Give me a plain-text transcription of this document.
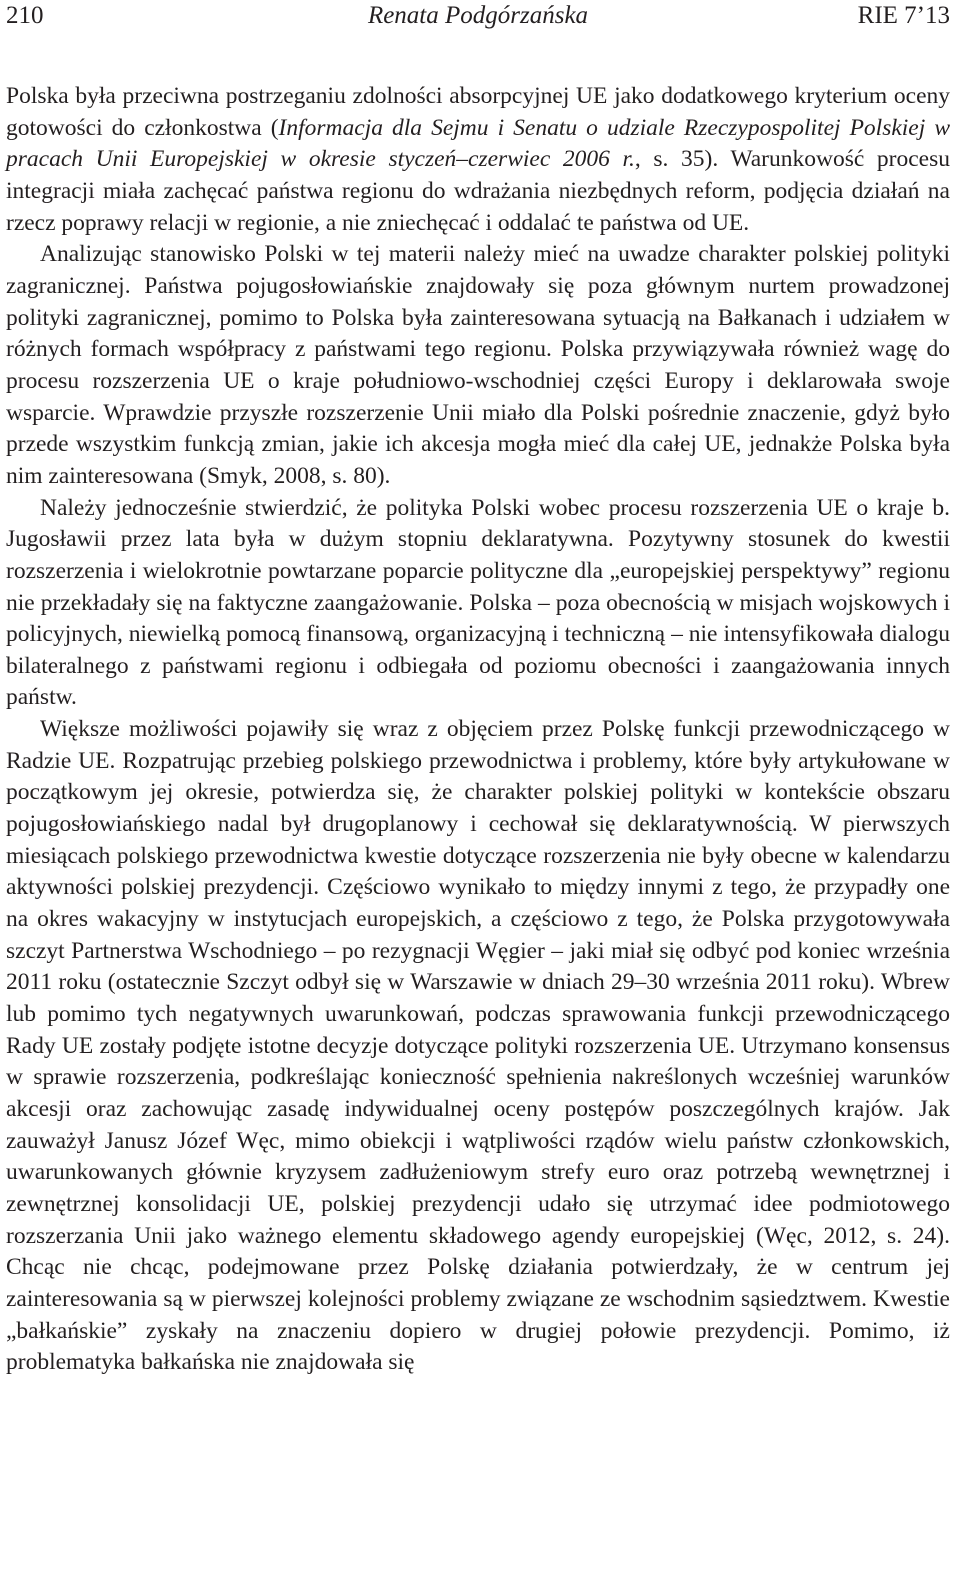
210	Renata Podgórzańska	RIE 7’13

Polska była przeciwna postrzeganiu zdolności absorpcyjnej UE jako dodatkowego kryterium oceny gotowości do członkostwa (Informacja dla Sejmu i Senatu o udziale Rzeczypospolitej Polskiej w pracach Unii Europejskiej w okresie styczeń–czerwiec 2006 r., s. 35). Warunkowość procesu integracji miała zachęcać państwa regionu do wdrażania niezbędnych reform, podjęcia działań na rzecz poprawy relacji w regionie, a nie zniechęcać i oddalać te państwa od UE.

Analizując stanowisko Polski w tej materii należy mieć na uwadze charakter polskiej polityki zagranicznej. Państwa pojugosłowiańskie znajdowały się poza głównym nurtem prowadzonej polityki zagranicznej, pomimo to Polska była zainteresowana sytuacją na Bałkanach i udziałem w różnych formach współpracy z państwami tego regionu. Polska przywiązywała również wagę do procesu rozszerzenia UE o kraje południowo-wschodniej części Europy i deklarowała swoje wsparcie. Wprawdzie przyszłe rozszerzenie Unii miało dla Polski pośrednie znaczenie, gdyż było przede wszystkim funkcją zmian, jakie ich akcesja mogła mieć dla całej UE, jednakże Polska była nim zainteresowana (Smyk, 2008, s. 80).

Należy jednocześnie stwierdzić, że polityka Polski wobec procesu rozszerzenia UE o kraje b. Jugosławii przez lata była w dużym stopniu deklaratywna. Pozytywny stosunek do kwestii rozszerzenia i wielokrotnie powtarzane poparcie polityczne dla „europejskiej perspektywy” regionu nie przekładały się na faktyczne zaangażowanie. Polska – poza obecnością w misjach wojskowych i policyjnych, niewielką pomocą finansową, organizacyjną i techniczną – nie intensyfikowała dialogu bilateralnego z państwami regionu i odbiegała od poziomu obecności i zaangażowania innych państw.

Większe możliwości pojawiły się wraz z objęciem przez Polskę funkcji przewodniczącego w Radzie UE. Rozpatrując przebieg polskiego przewodnictwa i problemy, które były artykułowane w początkowym jej okresie, potwierdza się, że charakter polskiej polityki w kontekście obszaru pojugosłowiańskiego nadal był drugoplanowy i cechował się deklaratywnością. W pierwszych miesiącach polskiego przewodnictwa kwestie dotyczące rozszerzenia nie były obecne w kalendarzu aktywności polskiej prezydencji. Częściowo wynikało to między innymi z tego, że przypadły one na okres wakacyjny w instytucjach europejskich, a częściowo z tego, że Polska przygotowywała szczyt Partnerstwa Wschodniego – po rezygnacji Węgier – jaki miał się odbyć pod koniec września 2011 roku (ostatecznie Szczyt odbył się w Warszawie w dniach 29–30 września 2011 roku). Wbrew lub pomimo tych negatywnych uwarunkowań, podczas sprawowania funkcji przewodniczącego Rady UE zostały podjęte istotne decyzje dotyczące polityki rozszerzenia UE. Utrzymano konsensus w sprawie rozszerzenia, podkreślając konieczność spełnienia nakreślonych wcześniej warunków akcesji oraz zachowując zasadę indywidualnej oceny postępów poszczególnych krajów. Jak zauważył Janusz Józef Węc, mimo obiekcji i wątpliwości rządów wielu państw członkowskich, uwarunkowanych głównie kryzysem zadłużeniowym strefy euro oraz potrzebą wewnętrznej i zewnętrznej konsolidacji UE, polskiej prezydencji udało się utrzymać idee podmiotowego rozszerzania Unii jako ważnego elementu składowego agendy europejskiej (Węc, 2012, s. 24). Chcąc nie chcąc, podejmowane przez Polskę działania potwierdzały, że w centrum jej zainteresowania są w pierwszej kolejności problemy związane ze wschodnim sąsiedztwem. Kwestie „bałkańskie” zyskały na znaczeniu dopiero w drugiej połowie prezydencji. Pomimo, iż problematyka bałkańska nie znajdowała się
